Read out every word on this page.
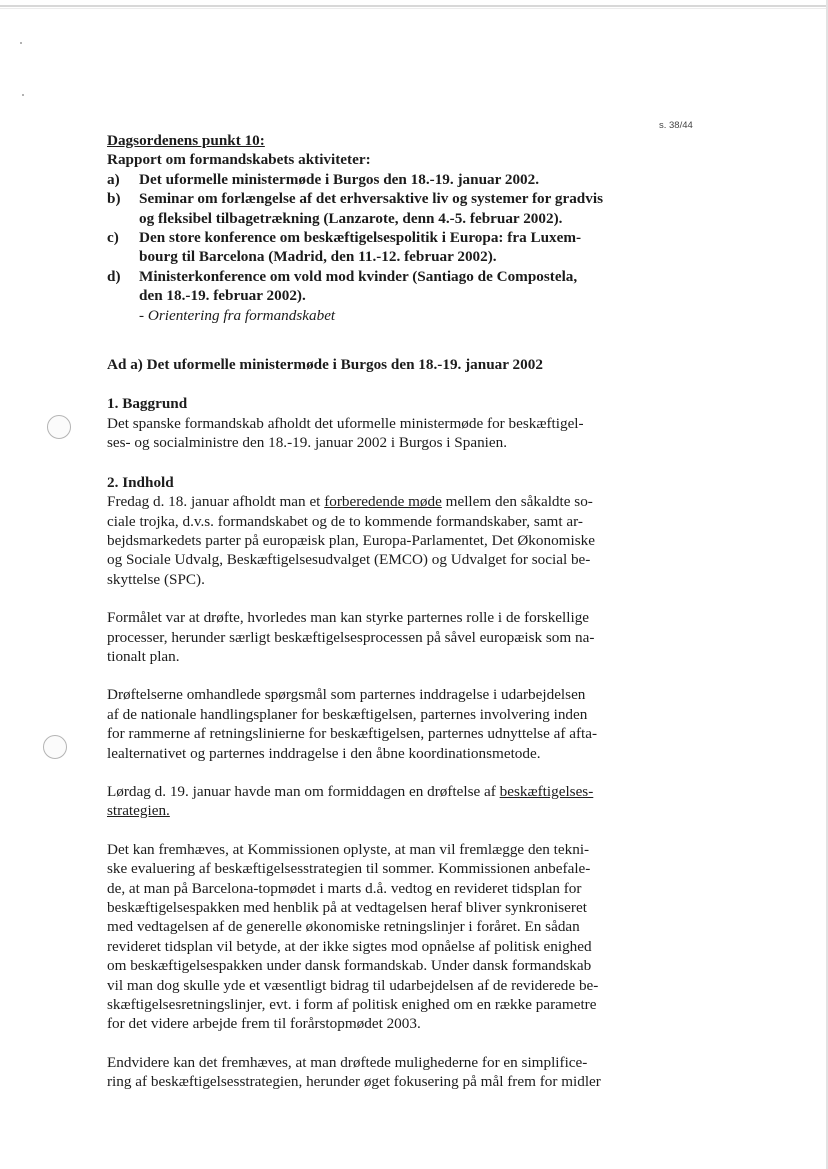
s. 38/44
Dagsordenens punkt 10:
Rapport om formandskabets aktiviteter:
a) Det uformelle ministermøde i Burgos den 18.-19. januar 2002.
b) Seminar om forlængelse af det erhversaktive liv og systemer for gradvis
og fleksibel tilbagetrækning (Lanzarote, denn 4.-5. februar 2002).
c) Den store konference om beskæftigelsespolitik i Europa: fra Luxem-
bourg til Barcelona (Madrid, den 11.-12. februar 2002).
d) Ministerkonference om vold mod kvinder (Santiago de Compostela,
den 18.-19. februar 2002).
- Orientering fra formandskabet
Ad a) Det uformelle ministermøde i Burgos den 18.-19. januar 2002
1. Baggrund
Det spanske formandskab afholdt det uformelle ministermøde for beskæftigel-
ses- og socialministre den 18.-19. januar 2002 i Burgos i Spanien.
2. Indhold
Fredag d. 18. januar afholdt man et forberedende møde mellem den såkaldte so-
ciale trojka, d.v.s. formandskabet og de to kommende formandskaber, samt ar-
bejdsmarkedets parter på europæisk plan, Europa-Parlamentet, Det Økonomiske
og Sociale Udvalg, Beskæftigelsesudvalget (EMCO) og Udvalget for social be-
skyttelse (SPC).
Formålet var at drøfte, hvorledes man kan styrke parternes rolle i de forskellige
processer, herunder særligt beskæftigelsesprocessen på såvel europæisk som na-
tionalt plan.
Drøftelserne omhandlede spørgsmål som parternes inddragelse i udarbejdelsen
af de nationale handlingsplaner for beskæftigelsen, parternes involvering inden
for rammerne af retningslinierne for beskæftigelsen, parternes udnyttelse af afta-
lealternativet og parternes inddragelse i den åbne koordinationsmetode.
Lørdag d. 19. januar havde man om formiddagen en drøftelse af beskæftigelses-
strategien.
Det kan fremhæves, at Kommissionen oplyste, at man vil fremlægge den tekni-
ske evaluering af beskæftigelsesstrategien til sommer. Kommissionen anbefale-
de, at man på Barcelona-topmødet i marts d.å. vedtog en revideret tidsplan for
beskæftigelsespakken med henblik på at vedtagelsen heraf bliver synkroniseret
med vedtagelsen af de generelle økonomiske retningslinjer i foråret. En sådan
revideret tidsplan vil betyde, at der ikke sigtes mod opnåelse af politisk enighed
om beskæftigelsespakken under dansk formandskab. Under dansk formandskab
vil man dog skulle yde et væsentligt bidrag til udarbejdelsen af de reviderede be-
skæftigelsesretningslinjer, evt. i form af politisk enighed om en række parametre
for det videre arbejde frem til forårstopmødet 2003.
Endvidere kan det fremhæves, at man drøftede mulighederne for en simplifice-
ring af beskæftigelsesstrategien, herunder øget fokusering på mål frem for midler
